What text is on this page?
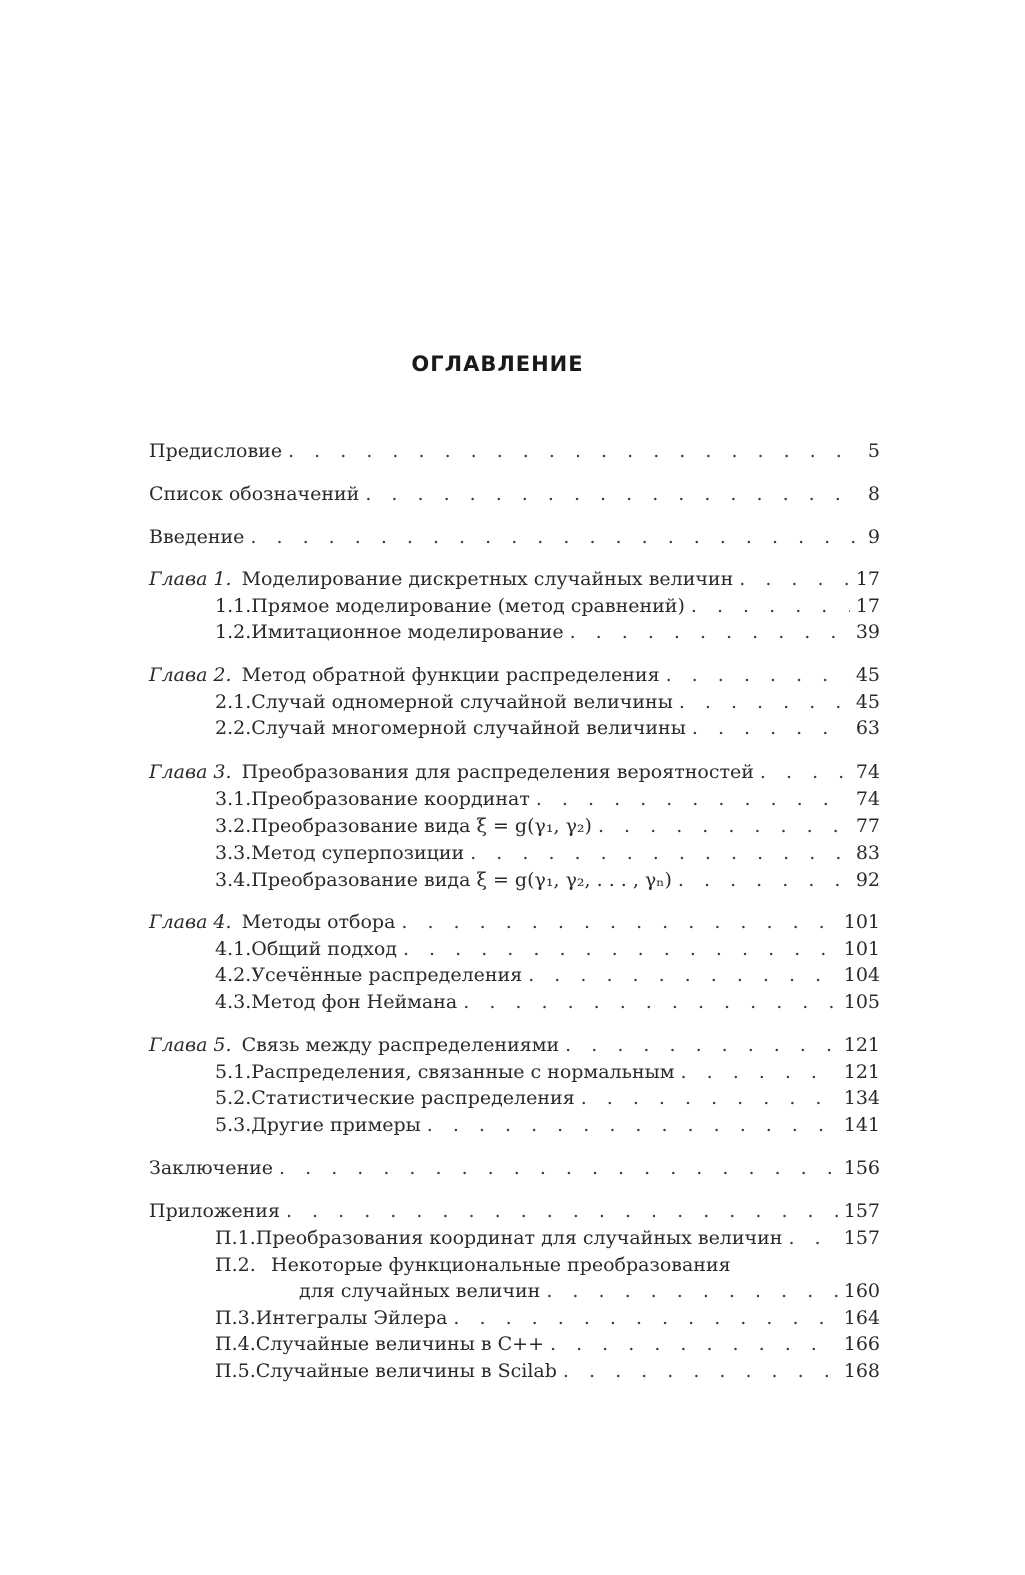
ОГЛАВЛЕНИЕ
Предисловие . . .	5
Список обозначений . . .	8
Введение . . .	9
Глава 1. Моделирование дискретных случайных величин . . .	17
1.1. Прямое моделирование (метод сравнений) . . .	17
1.2. Имитационное моделирование . . .	39
Глава 2. Метод обратной функции распределения . . .	45
2.1. Случай одномерной случайной величины . . .	45
2.2. Случай многомерной случайной величины . . .	63
Глава 3. Преобразования для распределения вероятностей . . .	74
3.1. Преобразование координат . . .	74
3.2. Преобразование вида ξ = g(γ₁, γ₂) . . .	77
3.3. Метод суперпозиции . . .	83
3.4. Преобразование вида ξ = g(γ₁, γ₂, . . . , γₙ) . . .	92
Глава 4. Методы отбора . . .	101
4.1. Общий подход . . .	101
4.2. Усечённые распределения . . .	104
4.3. Метод фон Неймана . . .	105
Глава 5. Связь между распределениями . . .	121
5.1. Распределения, связанные с нормальным . . .	121
5.2. Статистические распределения . . .	134
5.3. Другие примеры . . .	141
Заключение . . .	156
Приложения . . .	157
П.1. Преобразования координат для случайных величин . . .	157
П.2. Некоторые функциональные преобразования
для случайных величин . . .	160
П.3. Интегралы Эйлера . . .	164
П.4. Случайные величины в C++ . . .	166
П.5. Случайные величины в Scilab . . .	168
